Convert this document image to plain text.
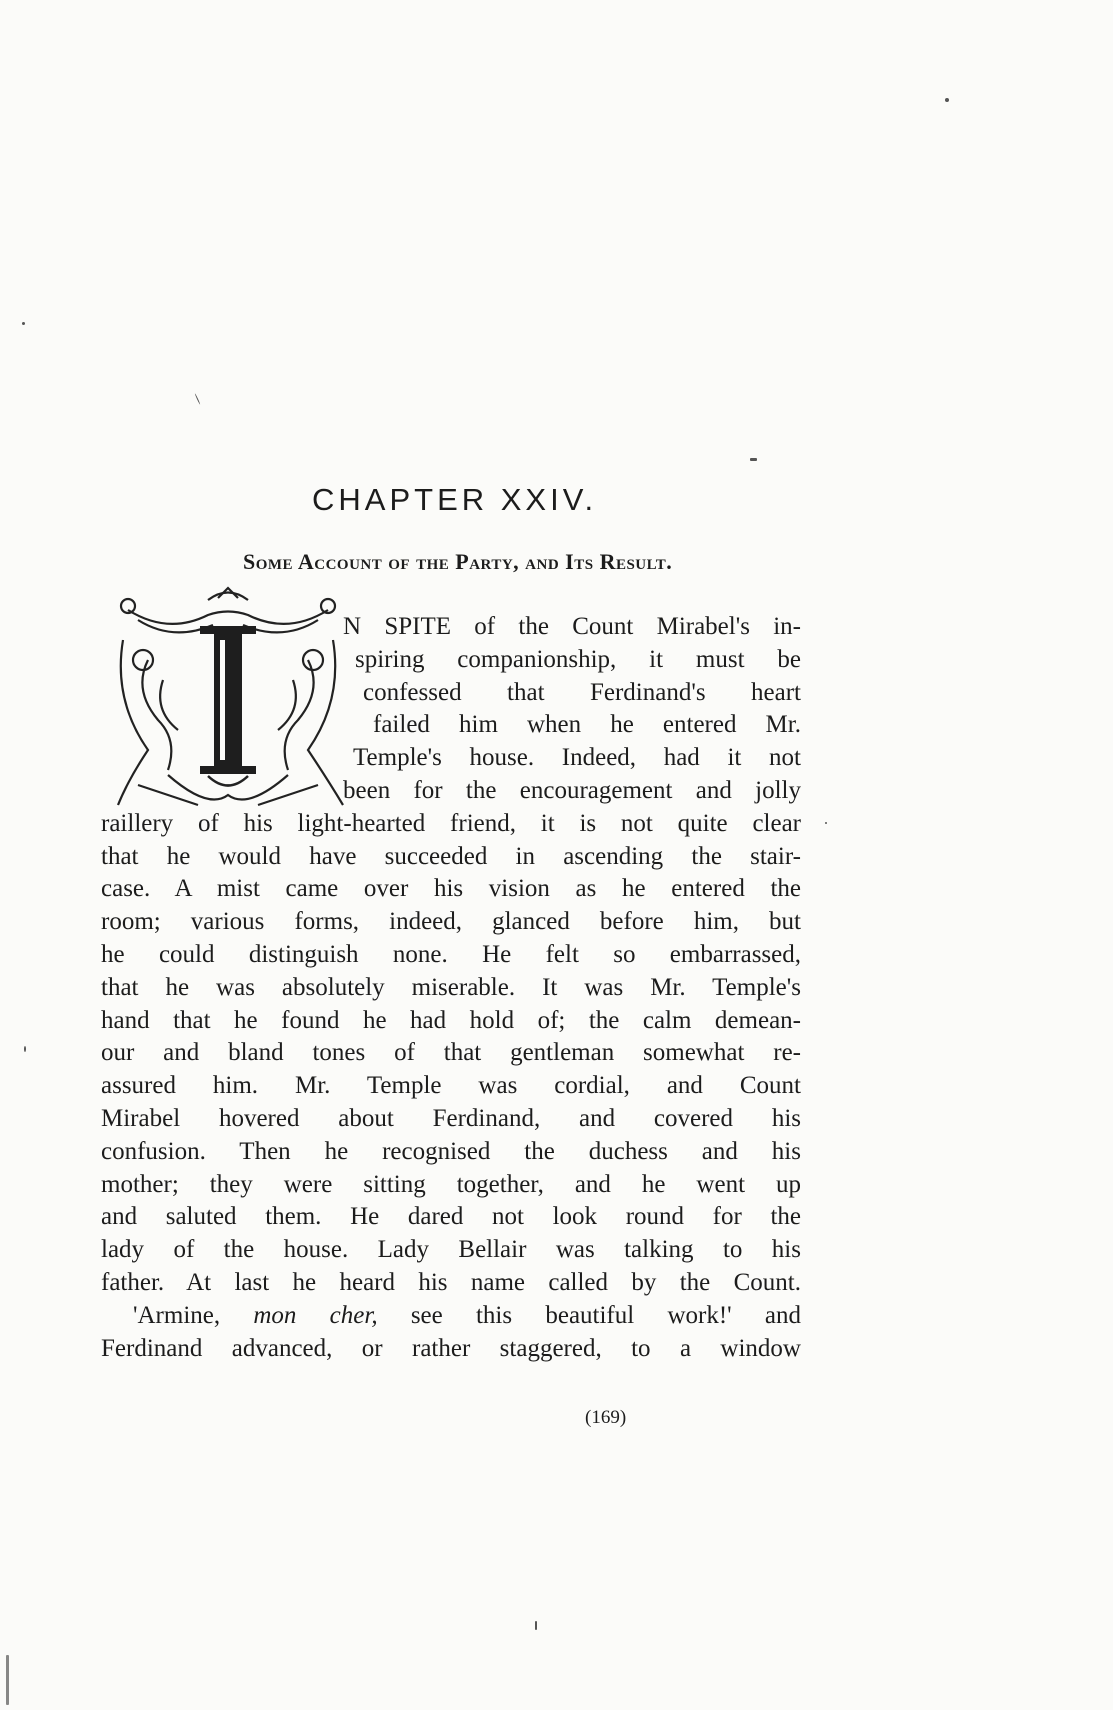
CHAPTER XXIV.
Some Account of the Party, and Its Result.
N SPITE of the Count Mirabel's in-
spiring companionship, it must be
confessed that Ferdinand's heart
failed him when he entered Mr.
Temple's house. Indeed, had it not
been for the encouragement and jolly
raillery of his light-hearted friend, it is not quite clear
that he would have succeeded in ascending the stair-
case. A mist came over his vision as he entered the
room; various forms, indeed, glanced before him, but
he could distinguish none. He felt so embarrassed,
that he was absolutely miserable. It was Mr. Temple's
hand that he found he had hold of; the calm demean-
our and bland tones of that gentleman somewhat re-
assured him. Mr. Temple was cordial, and Count
Mirabel hovered about Ferdinand, and covered his
confusion. Then he recognised the duchess and his
mother; they were sitting together, and he went up
and saluted them. He dared not look round for the
lady of the house. Lady Bellair was talking to his
father. At last he heard his name called by the Count.
'Armine, mon cher, see this beautiful work!' and
Ferdinand advanced, or rather staggered, to a window
(169)
